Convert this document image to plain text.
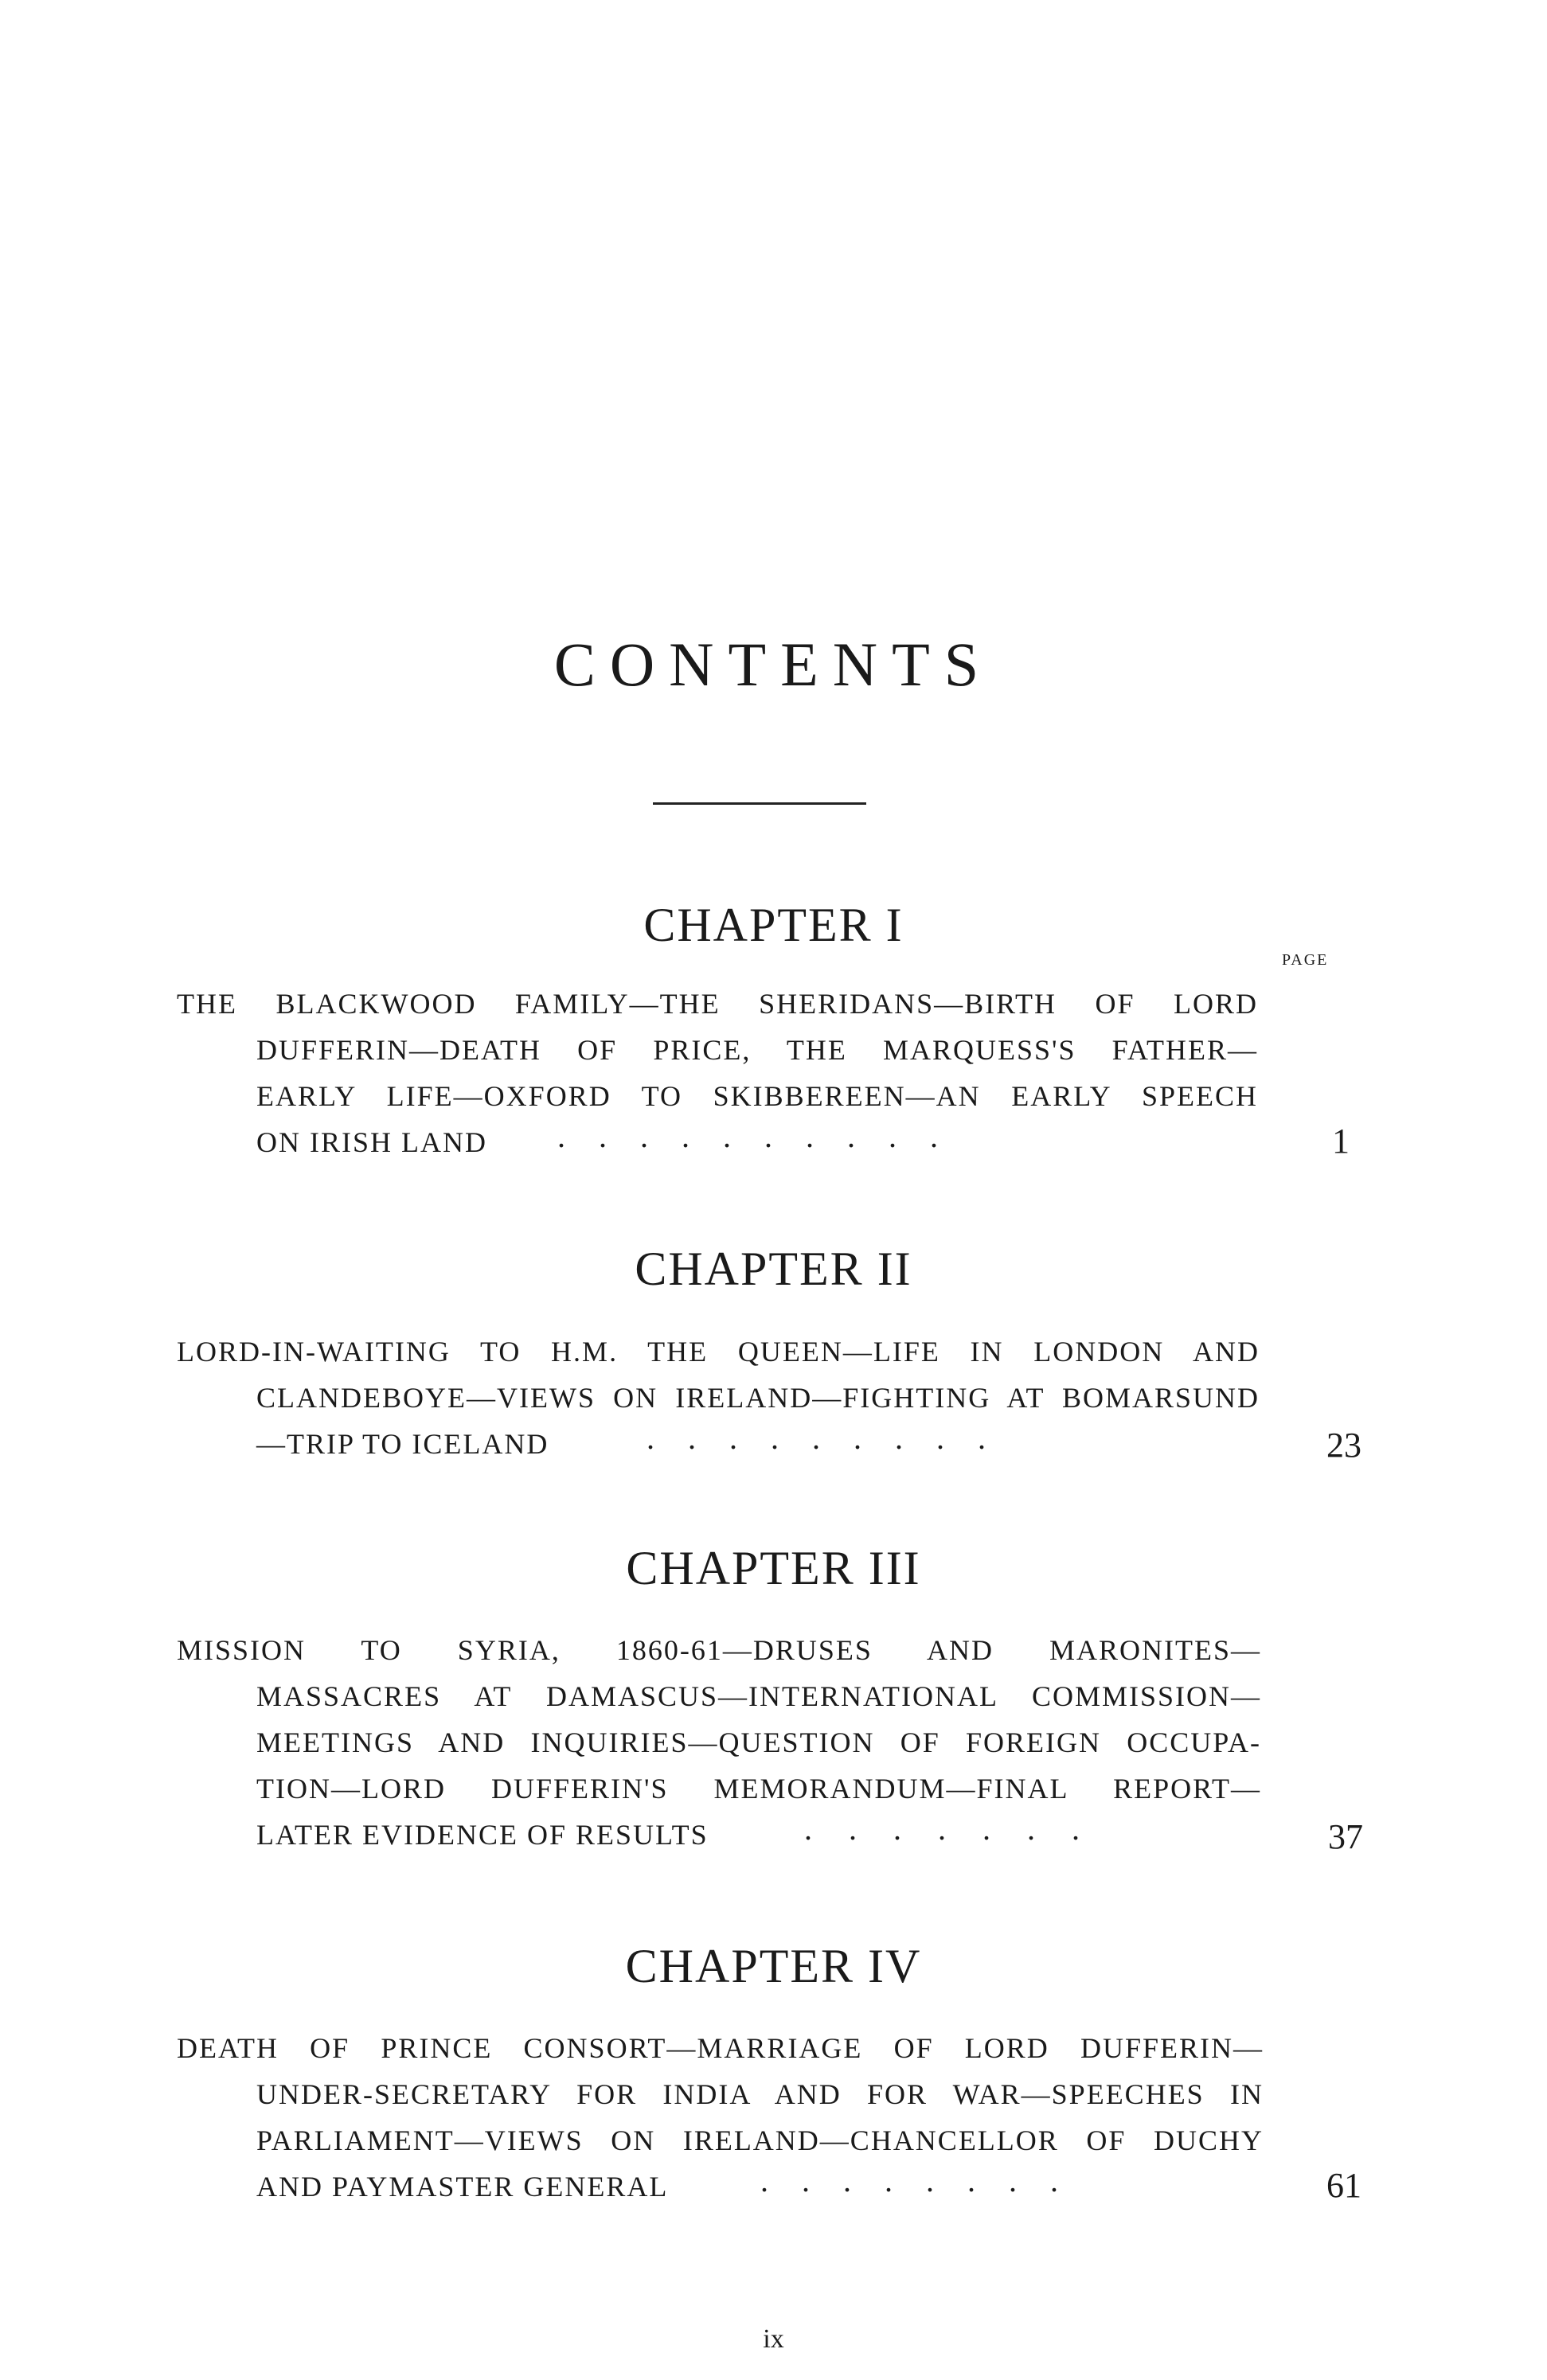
CONTENTS
CHAPTER I
PAGE
THE BLACKWOOD FAMILY—THE SHERIDANS—BIRTH OF LORD
DUFFERIN—DEATH OF PRICE, THE MARQUESS'S FATHER—
EARLY LIFE—OXFORD TO SKIBBEREEN—AN EARLY SPEECH
ON IRISH LAND . . . . . . . . . .	1
CHAPTER II
LORD-IN-WAITING TO H.M. THE QUEEN—LIFE IN LONDON AND
CLANDEBOYE—VIEWS ON IRELAND—FIGHTING AT BOMARSUND
—TRIP TO ICELAND	. . . . . . . . .	23
CHAPTER III
MISSION TO SYRIA, 1860-61—DRUSES AND MARONITES—
MASSACRES AT DAMASCUS—INTERNATIONAL COMMISSION—
MEETINGS AND INQUIRIES—QUESTION OF FOREIGN OCCUPA-
TION—LORD DUFFERIN'S MEMORANDUM—FINAL REPORT—
LATER EVIDENCE OF RESULTS	. . . . . . .	37
CHAPTER IV
DEATH OF PRINCE CONSORT—MARRIAGE OF LORD DUFFERIN—
UNDER-SECRETARY FOR INDIA AND FOR WAR—SPEECHES IN
PARLIAMENT—VIEWS ON IRELAND—CHANCELLOR OF DUCHY
AND PAYMASTER GENERAL	. . . . . . . .	61
ix
